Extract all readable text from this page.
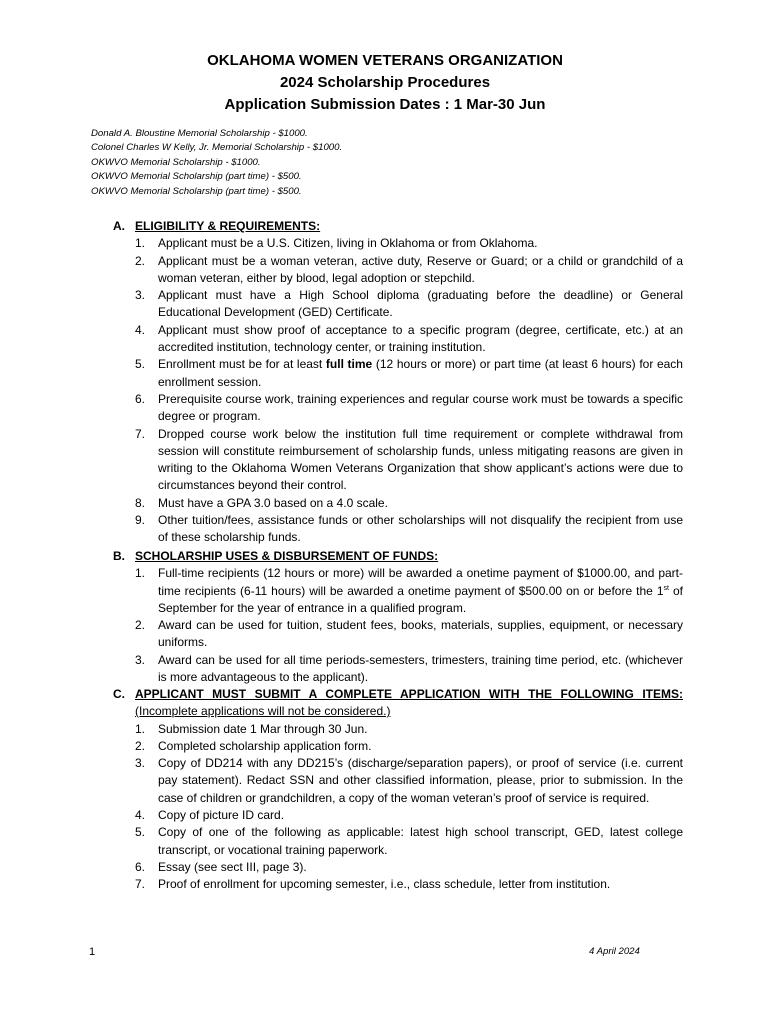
OKLAHOMA WOMEN VETERANS ORGANIZATION
2024 Scholarship Procedures
Application Submission Dates : 1 Mar-30 Jun
Donald A. Bloustine Memorial Scholarship - $1000.
Colonel Charles W Kelly, Jr. Memorial Scholarship - $1000.
OKWVO Memorial Scholarship - $1000.
OKWVO Memorial Scholarship (part time) - $500.
OKWVO Memorial Scholarship (part time) - $500.
A. ELIGIBILITY & REQUIREMENTS:
1.	Applicant must be a U.S. Citizen, living in Oklahoma or from Oklahoma.
2.	Applicant must be a woman veteran, active duty, Reserve or Guard; or a child or grandchild of a woman veteran, either by blood, legal adoption or stepchild.
3.	Applicant must have a High School diploma (graduating before the deadline) or General Educational Development (GED) Certificate.
4.	Applicant must show proof of acceptance to a specific program (degree, certificate, etc.) at an accredited institution, technology center, or training institution.
5.	Enrollment must be for at least full time (12 hours or more) or part time (at least 6 hours) for each enrollment session.
6.	Prerequisite course work, training experiences and regular course work must be towards a specific degree or program.
7.	Dropped course work below the institution full time requirement or complete withdrawal from session will constitute reimbursement of scholarship funds, unless mitigating reasons are given in writing to the Oklahoma Women Veterans Organization that show applicant’s actions were due to circumstances beyond their control.
8.	Must have a GPA 3.0 based on a 4.0 scale.
9.	Other tuition/fees, assistance funds or other scholarships will not disqualify the recipient from use of these scholarship funds.
B. SCHOLARSHIP USES & DISBURSEMENT OF FUNDS:
1.	Full-time recipients (12 hours or more) will be awarded a onetime payment of $1000.00, and part-time recipients (6-11 hours) will be awarded a onetime payment of $500.00 on or before the 1st of September for the year of entrance in a qualified program.
2.	Award can be used for tuition, student fees, books, materials, supplies, equipment, or necessary uniforms.
3.	Award can be used for all time periods-semesters, trimesters, training time period, etc. (whichever is more advantageous to the applicant).
C. APPLICANT MUST SUBMIT A COMPLETE APPLICATION WITH THE FOLLOWING ITEMS:
(Incomplete applications will not be considered.)
1.	Submission date 1 Mar through 30 Jun.
2.	Completed scholarship application form.
3.	Copy of DD214 with any DD215’s (discharge/separation papers), or proof of service (i.e. current pay statement). Redact SSN and other classified information, please, prior to submission. In the case of children or grandchildren, a copy of the woman veteran’s proof of service is required.
4.	Copy of picture ID card.
5.	Copy of one of the following as applicable: latest high school transcript, GED, latest college transcript, or vocational training paperwork.
6.	Essay (see sect III, page 3).
7.	Proof of enrollment for upcoming semester, i.e., class schedule, letter from institution.
1	4 April 2024
